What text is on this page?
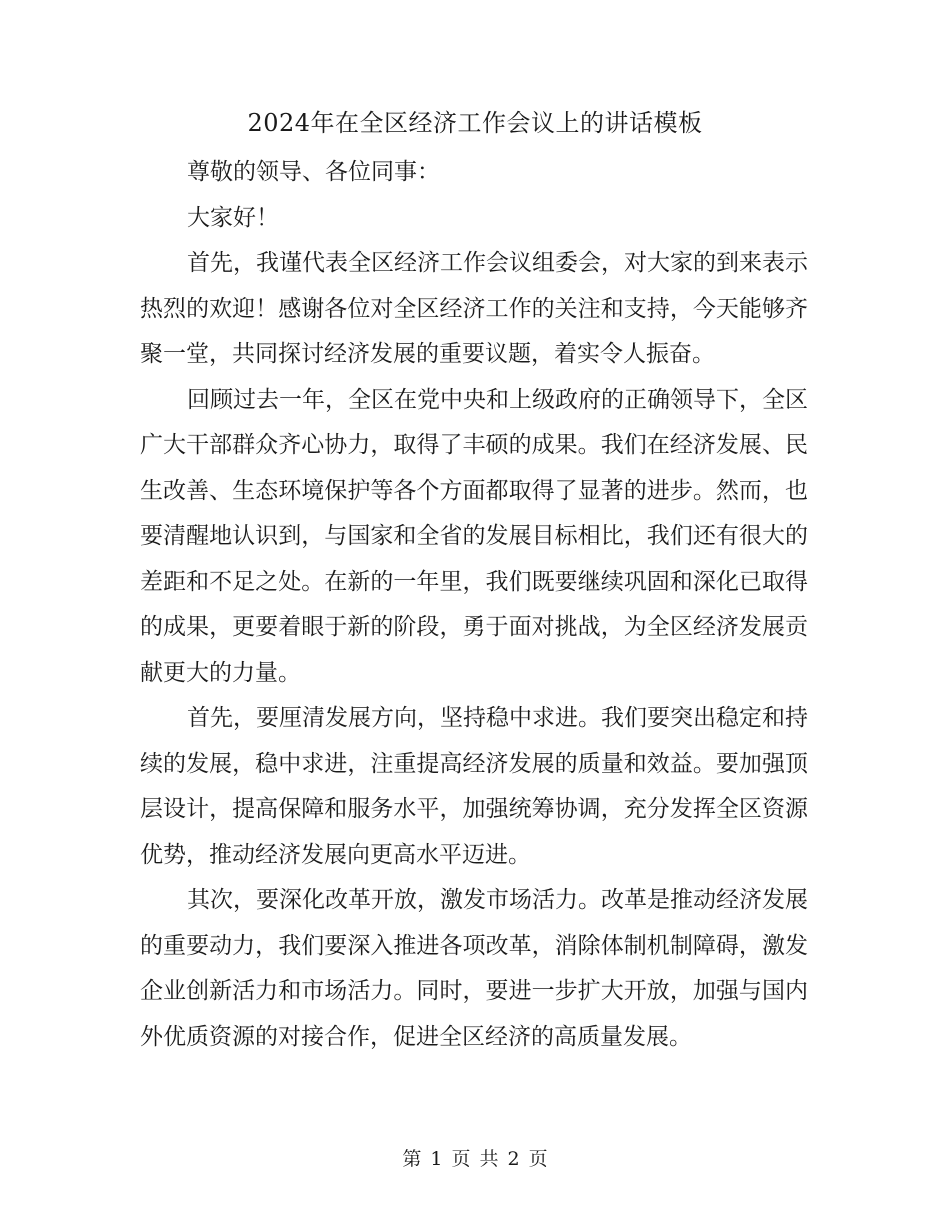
2024年在全区经济工作会议上的讲话模板

尊敬的领导、各位同事：

大家好！

首先，我谨代表全区经济工作会议组委会，对大家的到来表示热烈的欢迎！感谢各位对全区经济工作的关注和支持，今天能够齐聚一堂，共同探讨经济发展的重要议题，着实令人振奋。

回顾过去一年，全区在党中央和上级政府的正确领导下，全区广大干部群众齐心协力，取得了丰硕的成果。我们在经济发展、民生改善、生态环境保护等各个方面都取得了显著的进步。然而，也要清醒地认识到，与国家和全省的发展目标相比，我们还有很大的差距和不足之处。在新的一年里，我们既要继续巩固和深化已取得的成果，更要着眼于新的阶段，勇于面对挑战，为全区经济发展贡献更大的力量。

首先，要厘清发展方向，坚持稳中求进。我们要突出稳定和持续的发展，稳中求进，注重提高经济发展的质量和效益。要加强顶层设计，提高保障和服务水平，加强统筹协调，充分发挥全区资源优势，推动经济发展向更高水平迈进。

其次，要深化改革开放，激发市场活力。改革是推动经济发展的重要动力，我们要深入推进各项改革，消除体制机制障碍，激发企业创新活力和市场活力。同时，要进一步扩大开放，加强与国内外优质资源的对接合作，促进全区经济的高质量发展。

第 1 页 共 2 页
